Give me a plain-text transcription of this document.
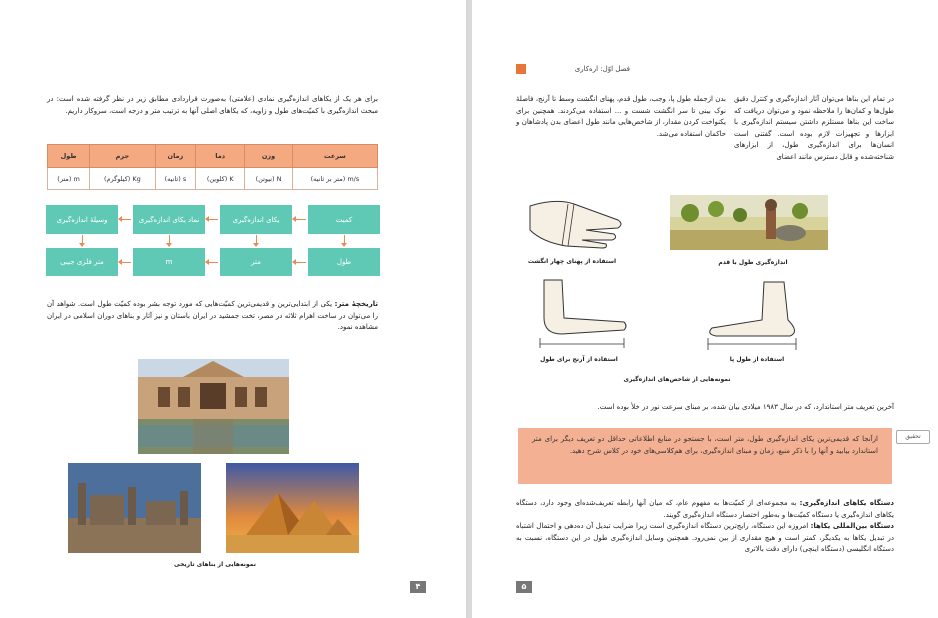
برای هر یک از یکاهای اندازه‌گیری نمادی (علامتی) به‌صورت قراردادی مطابق زیر در نظر گرفته شده است: در مبحث اندازه‌گیری با کمیّت‌های طول و زاویه، که یکاهای اصلی آنها به ترتیب متر و درجه است، سروکار داریم.
سرعت	وزن	دما	زمان	جرم	طول
m/s (متر بر ثانیه)	N (نیوتن)	K (کلوین)	s (ثانیه)	Kg (کیلوگرم)	m (متر)
کمیت
یکای اندازه‌گیری
نماد یکای اندازه‌گیری
وسیلهٔ اندازه‌گیری
طول
متر
m
متر فلزی جیبی
تاریخچهٔ متر: یکی از ابتدایی‌ترین و قدیمی‌ترین کمیّت‌هایی که مورد توجه بشر بوده کمیّت طول است. شواهد آن را می‌توان در ساخت اهرام ثلاثه در مصر، تخت جمشید در ایران باستان و نیز آثار و بناهای دوران اسلامی در ایران مشاهده نمود.
نمونه‌هایی از بناهای تاریخی
۴
فصل اوّل: اره‌کاری
در تمام این بناها می‌توان آثار اندازه‌گیری و کنترل دقیق طول‌ها و کمان‌ها را ملاحظه نمود و می‌توان دریافت که ساخت این بناها مستلزم داشتن سیستم اندازه‌گیری با ابزارها و تجهیزات لازم بوده است. گفتنی است انسان‌ها برای اندازه‌گیری طول، از ابزارهای شناخته‌شده و قابل دسترس مانند اعضای
بدن ازجمله طول پا، وجب، طول قدم، پهنای انگشت وسط تا آرنج، فاصلهٔ نوک بینی تا سر انگشت شست و ... استفاده می‌کردند. همچنین برای یکنواخت کردن مقدار، از شاخص‌هایی مانند طول اعضای بدن پادشاهان و حاکمان استفاده می‌شد.
استفاده از پهنای چهار انگشت	اندازه‌گیری طول با قدم
استفاده از آرنج برای طول	استفاده از طول پا
نمونه‌هایی از شاخص‌های اندازه‌گیری
آخرین تعریف متر استاندارد، که در سال ۱۹۸۳ میلادی بیان شده، بر مبنای سرعت نور در خلأ بوده است.
ازآنجا که قدیمی‌ترین یکای اندازه‌گیری طول، متر است، با جستجو در منابع اطلاعاتی حداقل دو تعریف دیگر برای متر استاندارد بیابید و آنها را با ذکر منبع، زمان و مبنای اندازه‌گیری، برای هم‌کلاسی‌های خود در کلاس شرح دهید.
تحقیق
دستگاه یکاهای اندازه‌گیری: به مجموعه‌ای از کمیّت‌ها به مفهوم عام، که میان آنها رابطه تعریف‌شده‌ای وجود دارد، دستگاه یکاهای اندازه‌گیری یا دستگاه کمیّت‌ها و به‌طور اختصار دستگاه اندازه‌گیری گویند.
دستگاه بین‌المللی یکاها: امروزه این دستگاه، رایج‌ترین دستگاه اندازه‌گیری است زیرا ضرایب تبدیل آن ده‌دهی و احتمال اشتباه در تبدیل یکاها به یکدیگر، کمتر است و هیچ مقداری از بین نمی‌رود. همچنین وسایل اندازه‌گیری طول در این دستگاه، نسبت به دستگاه انگلیسی (دستگاه اینچی) دارای دقت بالاتری
۵
